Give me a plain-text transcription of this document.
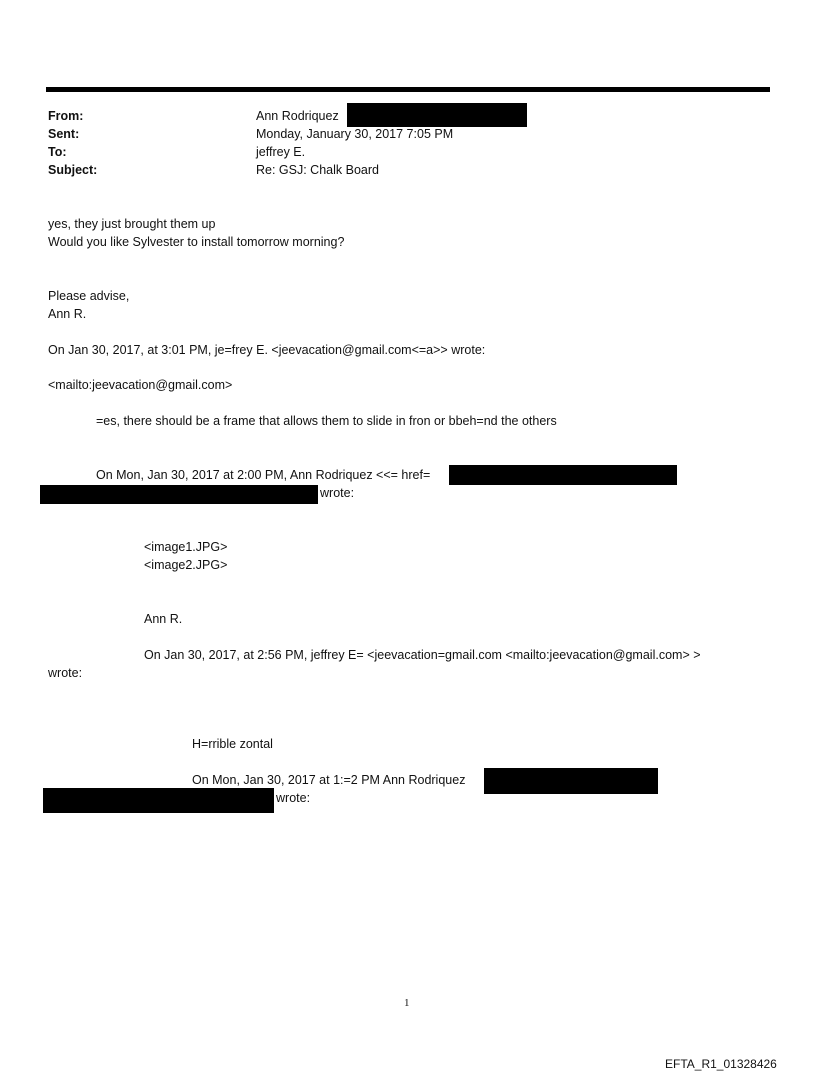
From:	Ann Rodriquez
Sent:	Monday, January 30, 2017 7:05 PM
To:	jeffrey E.
Subject:	Re: GSJ: Chalk Board
yes, they just brought them up
Would you like Sylvester to install tomorrow morning?
Please advise,
Ann R.
On Jan 30, 2017, at 3:01 PM, je=frey E. <jeevacation@gmail.com<=a>> wrote:
<mailto:jeevacation@gmail.com>
=es, there should be a frame that allows them to slide in fron or bbeh=nd the others
On Mon, Jan 30, 2017 at 2:00 PM, Ann Rodriquez <<= href=
wrote:
<image1.JPG>
<image2.JPG>
Ann R.
On Jan 30, 2017, at 2:56 PM, jeffrey E= <jeevacation=gmail.com <mailto:jeevacation@gmail.com> >
wrote:
H=rrible zontal
On Mon, Jan 30, 2017 at 1:=2 PM Ann Rodriquez
wrote:
1
EFTA_R1_01328426
